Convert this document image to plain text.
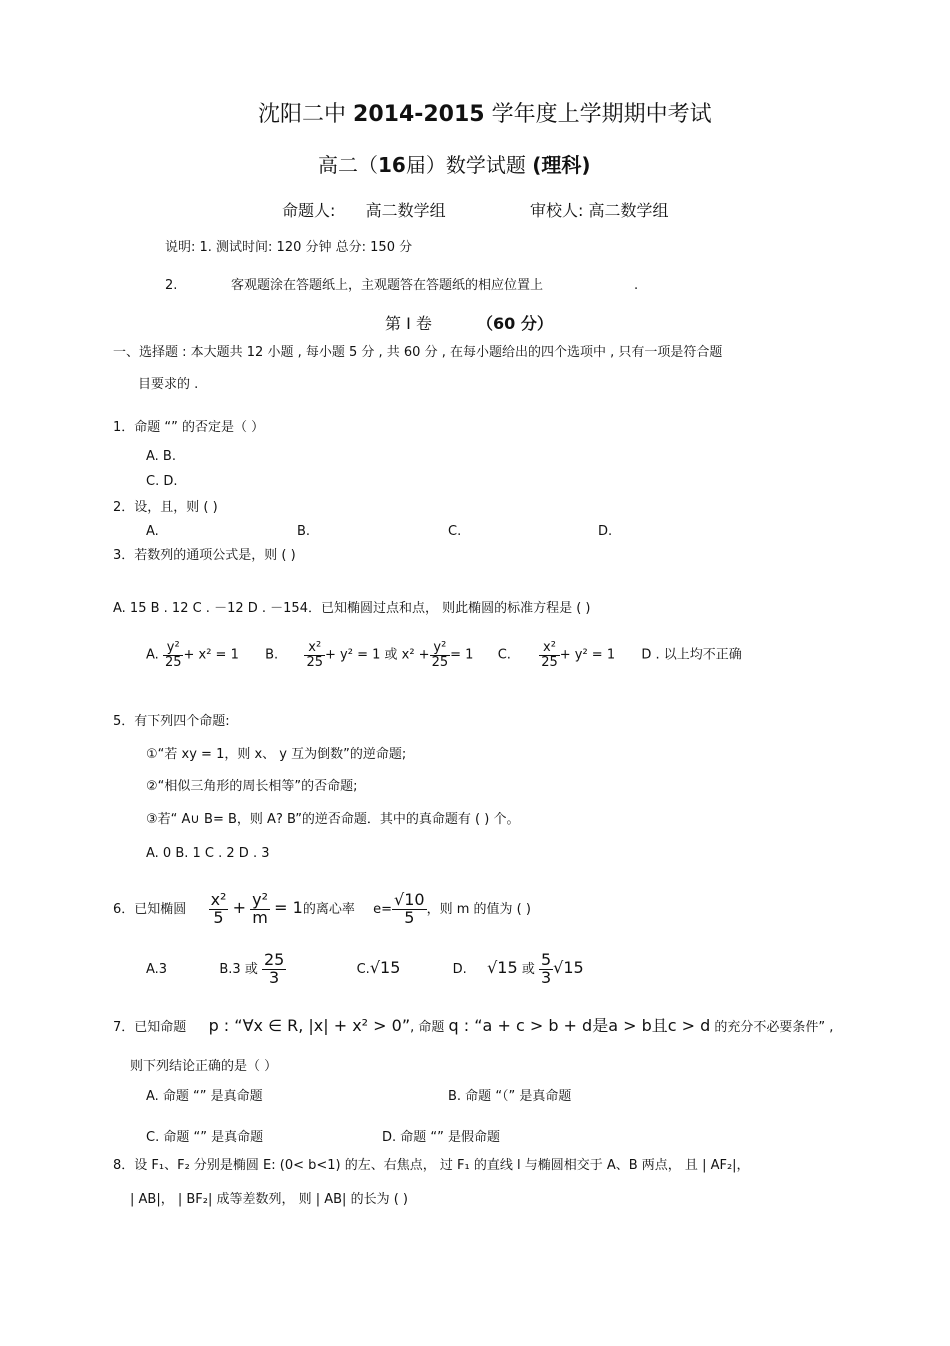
沈阳二中 2014-2015 学年度上学期期中考试
高二（16届）数学试题 (理科)
命题人: 高二数学组	审校人: 高二数学组
说明: 1. 测试时间: 120 分钟 总分: 150 分
2.	客观题涂在答题纸上，主观题答在答题纸的相应位置上	.
第 I 卷	（60 分）
一、选择题 : 本大题共 12 小题 , 每小题 5 分 , 共 60 分 , 在每小题给出的四个选项中 , 只有一项是符合题
目要求的 .
1．命题 “” 的否定是（ ）
A. B.
C. D.
2．设，且，则 ( )
A.	B.	C.	D.
3．若数列的通项公式是，则 ( )
A. 15 B . 12 C . －12 D . －154．已知椭圆过点和点， 则此椭圆的标准方程是 ( )
A. $\frac{\text{y²}}{25} + x^2 = 1$ B. $\frac{\text{x²}}{25} + y^2 = 1$ 或 $x^2 + \frac{\text{y²}}{25} = 1$ C. $\frac{\text{x²}}{25} + y^2 = 1$ D . 以上均不正确
5．有下列四个命题:
①“若 xy = 1，则 x、 y 互为倒数”的逆命题;
②“相似三角形的周长相等”的否命题;
③若“ A∪ B= B，则 A? B”的逆否命题．其中的真命题有 ( ) 个。
A. 0 B. 1 C . 2 D . 3
6．已知椭圆 $\frac{\text{x²}}{5} + \frac{\text{y²}}{m} = 1$的离心率 $e= \frac{√10}{5}$ ，则 m 的值为 ( )
A.3	B.3 或 $\frac{25}{3}$	C.√15	D. √15 或 $\frac{5}{3} √15$
7．已知命题 p : “∀x ∈ R, |x| + x² > 0”, 命题 q : “a + c > b + d是a > b且c > d 的充分不必要条件” ,
则下列结论正确的是（ ）
A. 命题 “” 是真命题	B. 命题 “（” 是真命题
C. 命题 “” 是真命题	D. 命题 “” 是假命题
8．设 F₁、F₂ 分别是椭圆 E: (0< b<1) 的左、右焦点， 过 F₁ 的直线 l 与椭圆相交于 A、B 两点， 且 | AF₂|，
| AB|， | BF₂| 成等差数列， 则 | AB| 的长为 ( )
